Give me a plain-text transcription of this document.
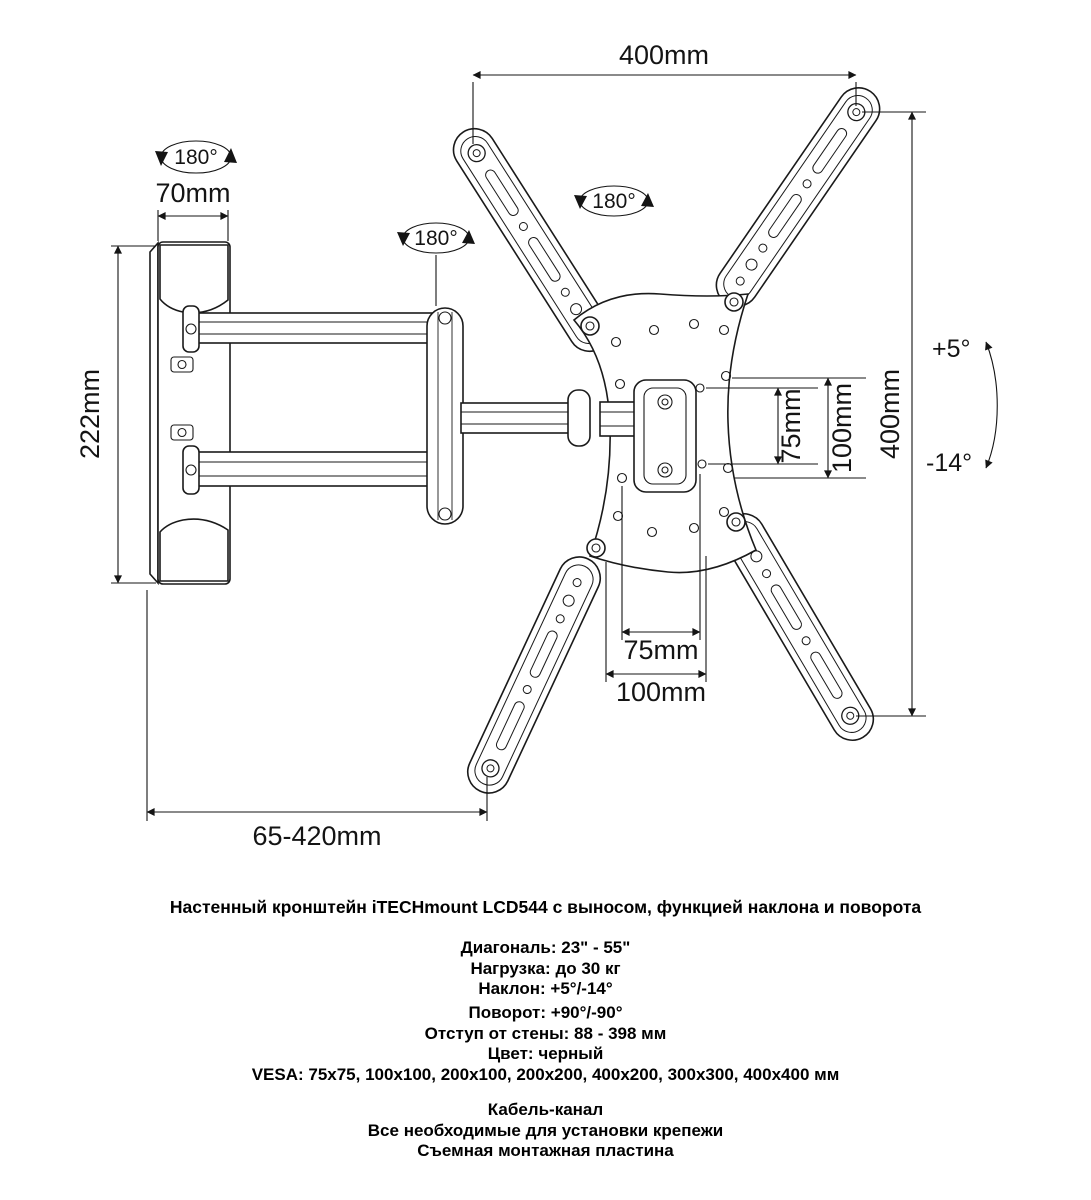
400mm
400mm
70mm
222mm
65-420mm
75mm
100mm
75mm 100mm
+5°
-14°
180°
180°
180°
Настенный кронштейн iTECHmount LCD544 с выносом, функцией наклона и поворота
Диагональ: 23" - 55"
Нагрузка: до 30 кг
Наклон: +5°/-14°
Поворот: +90°/-90°
Отступ от стены: 88 - 398 мм
Цвет: черный
VESA: 75x75, 100x100, 200x100, 200x200, 400x200, 300x300, 400x400 мм
Кабель-канал
Все необходимые для установки крепежи
Съемная монтажная пластина
